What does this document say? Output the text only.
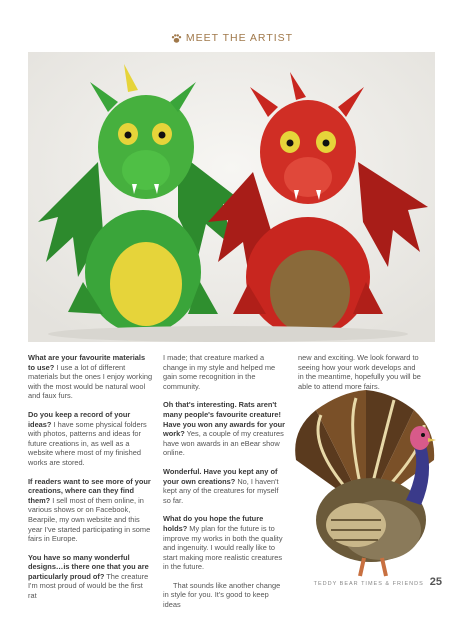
MEET THE ARTIST

What are your favourite materials to use? I use a lot of different materials but the ones I enjoy working with the most would be natural wool and faux furs.

Do you keep a record of your ideas? I have some physical folders with photos, patterns and ideas for future creations in, as well as a website where most of my finished works are stored.

If readers want to see more of your creations, where can they find them? I sell most of them online, in various shows or on Facebook, Bearpile, my own website and this year I've started participating in some fairs in Europe.

You have so many wonderful designs…is there one that you are particularly proud of? The creature I'm most proud of would be the first rat

I made; that creature marked a change in my style and helped me gain some recognition in the community.

Oh that's interesting. Rats aren't many people's favourite creature! Have you won any awards for your work? Yes, a couple of my creatures have won awards in an eBear show online.

Wonderful. Have you kept any of your own creations? No, I haven't kept any of the creatures for myself so far.

What do you hope the future holds? My plan for the future is to improve my works in both the quality and ingenuity. I would really like to start making more realistic creatures in the future.

That sounds like another change in style for you. It's good to keep ideas

new and exciting. We look forward to seeing how your work develops and in the meantime, hopefully you will be able to attend more fairs.

TEDDY BEAR TIMES & FRIENDS 25
